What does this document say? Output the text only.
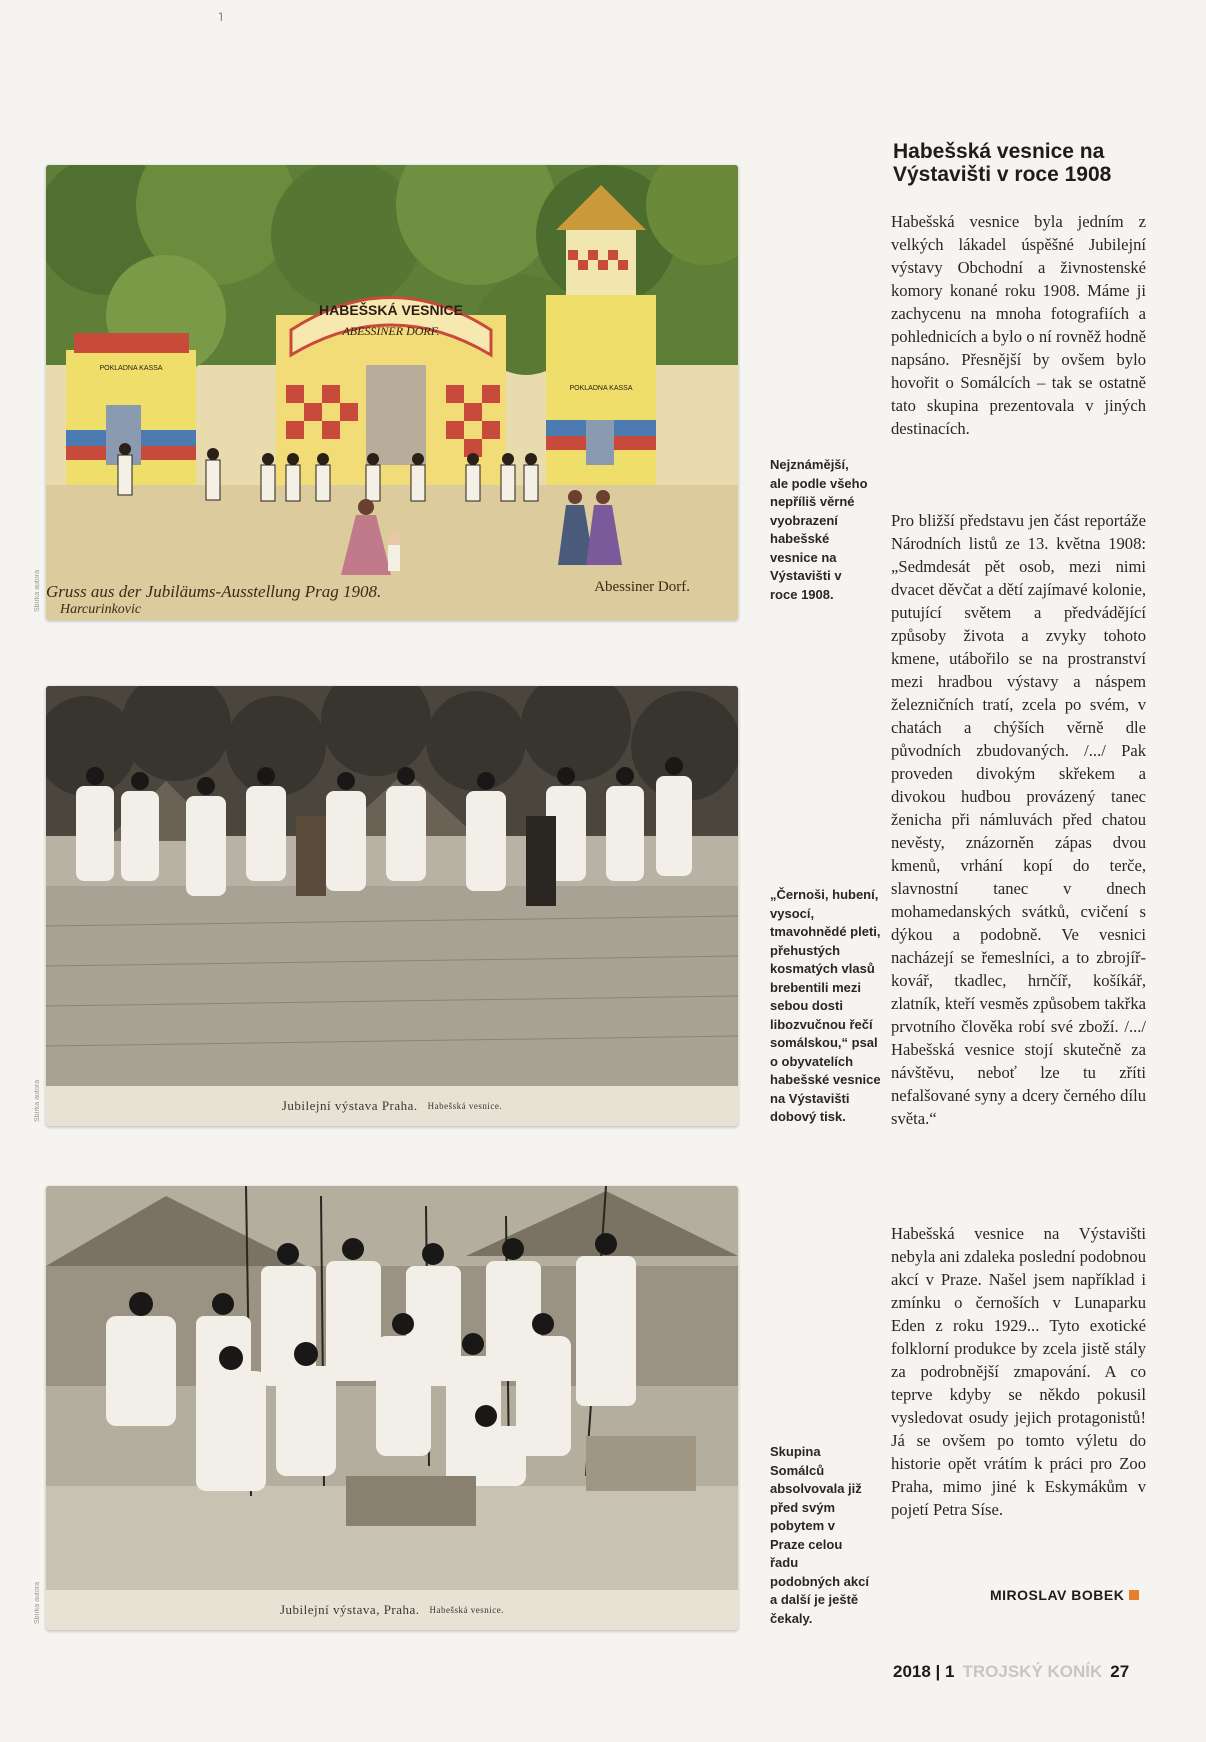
˥
HABEŠSKÁ VESNICE
ABESSINER DORF.
POKLADNA KASSA
POKLADNA KASSA
Gruss aus der Jubiläums-Ausstellung Prag 1908.	Abessiner Dorf.
Harcurinkovic
Sbírka autora
Nejznámější, ale podle všeho nepříliš věrné vyobrazení habešské vesnice na Výstavišti v roce 1908.
Jubilejní výstava Praha. Habešská vesnice.
Sbírka autora
„Černoši, hubení, vysocí, tmavohnědé pleti, přehustých kosmatých vlasů brebentili mezi sebou dosti libozvučnou řečí somálskou,“ psal o obyvatelích habešské vesnice na Výstavišti dobový tisk.
Jubilejní výstava, Praha. Habešská vesnice.
Sbírka autora
Skupina Somálců absolvovala již před svým pobytem v Praze celou řadu podobných akcí a další je ještě čekaly.
Habešská vesnice na Výstavišti v roce 1908

Habešská vesnice byla jedním z velkých lákadel úspěšné Jubilejní výstavy Obchodní a živnostenské komory konané roku 1908. Máme ji zachycenu na mnoha fotografiích a pohlednicích a bylo o ní rovněž hodně napsáno. Přesnější by ovšem bylo hovořit o Somálcích – tak se ostatně tato skupina prezentovala v jiných destinacích.

Pro bližší představu jen část reportáže Národních listů ze 13. května 1908: „Sedmdesát pět osob, mezi nimi dvacet děvčat a dětí zajímavé kolonie, putující světem a předvádějící způsoby života a zvyky tohoto kmene, utábořilo se na prostranství mezi hradbou výstavy a náspem železničních tratí, zcela po svém, v chatách a chýších věrně dle původních zbudovaných. /.../ Pak proveden divokým skřekem a divokou hudbou provázený tanec ženicha při námluvách před chatou nevěsty, znázorněn zápas dvou kmenů, vrhání kopí do terče, slavnostní tanec v dnech mohamedanských svátků, cvičení s dýkou a podobně. Ve vesnici nacházejí se řemeslníci, a to zbrojíř-kovář, tkadlec, hrnčíř, košíkář, zlatník, kteří vesměs způsobem takřka prvotního člověka robí své zboží. /.../ Habešská vesnice stojí skutečně za návštěvu, neboť lze tu zříti nefalšované syny a dcery černého dílu světa.“

Habešská vesnice na Výstavišti nebyla ani zdaleka poslední podobnou akcí v Praze. Našel jsem například i zmínku o černoších v Lunaparku Eden z roku 1929... Tyto exotické folklorní produkce by zcela jistě stály za podrobnější zmapování. A co teprve kdyby se někdo pokusil vysledovat osudy jejich protagonistů! Já se ovšem po tomto výletu do historie opět vrátím k práci pro Zoo Praha, mimo jiné k Eskymákům v pojetí Petra Síse.

MIROSLAV BOBEK
2018 | 1 TROJSKÝ KONÍK 27
